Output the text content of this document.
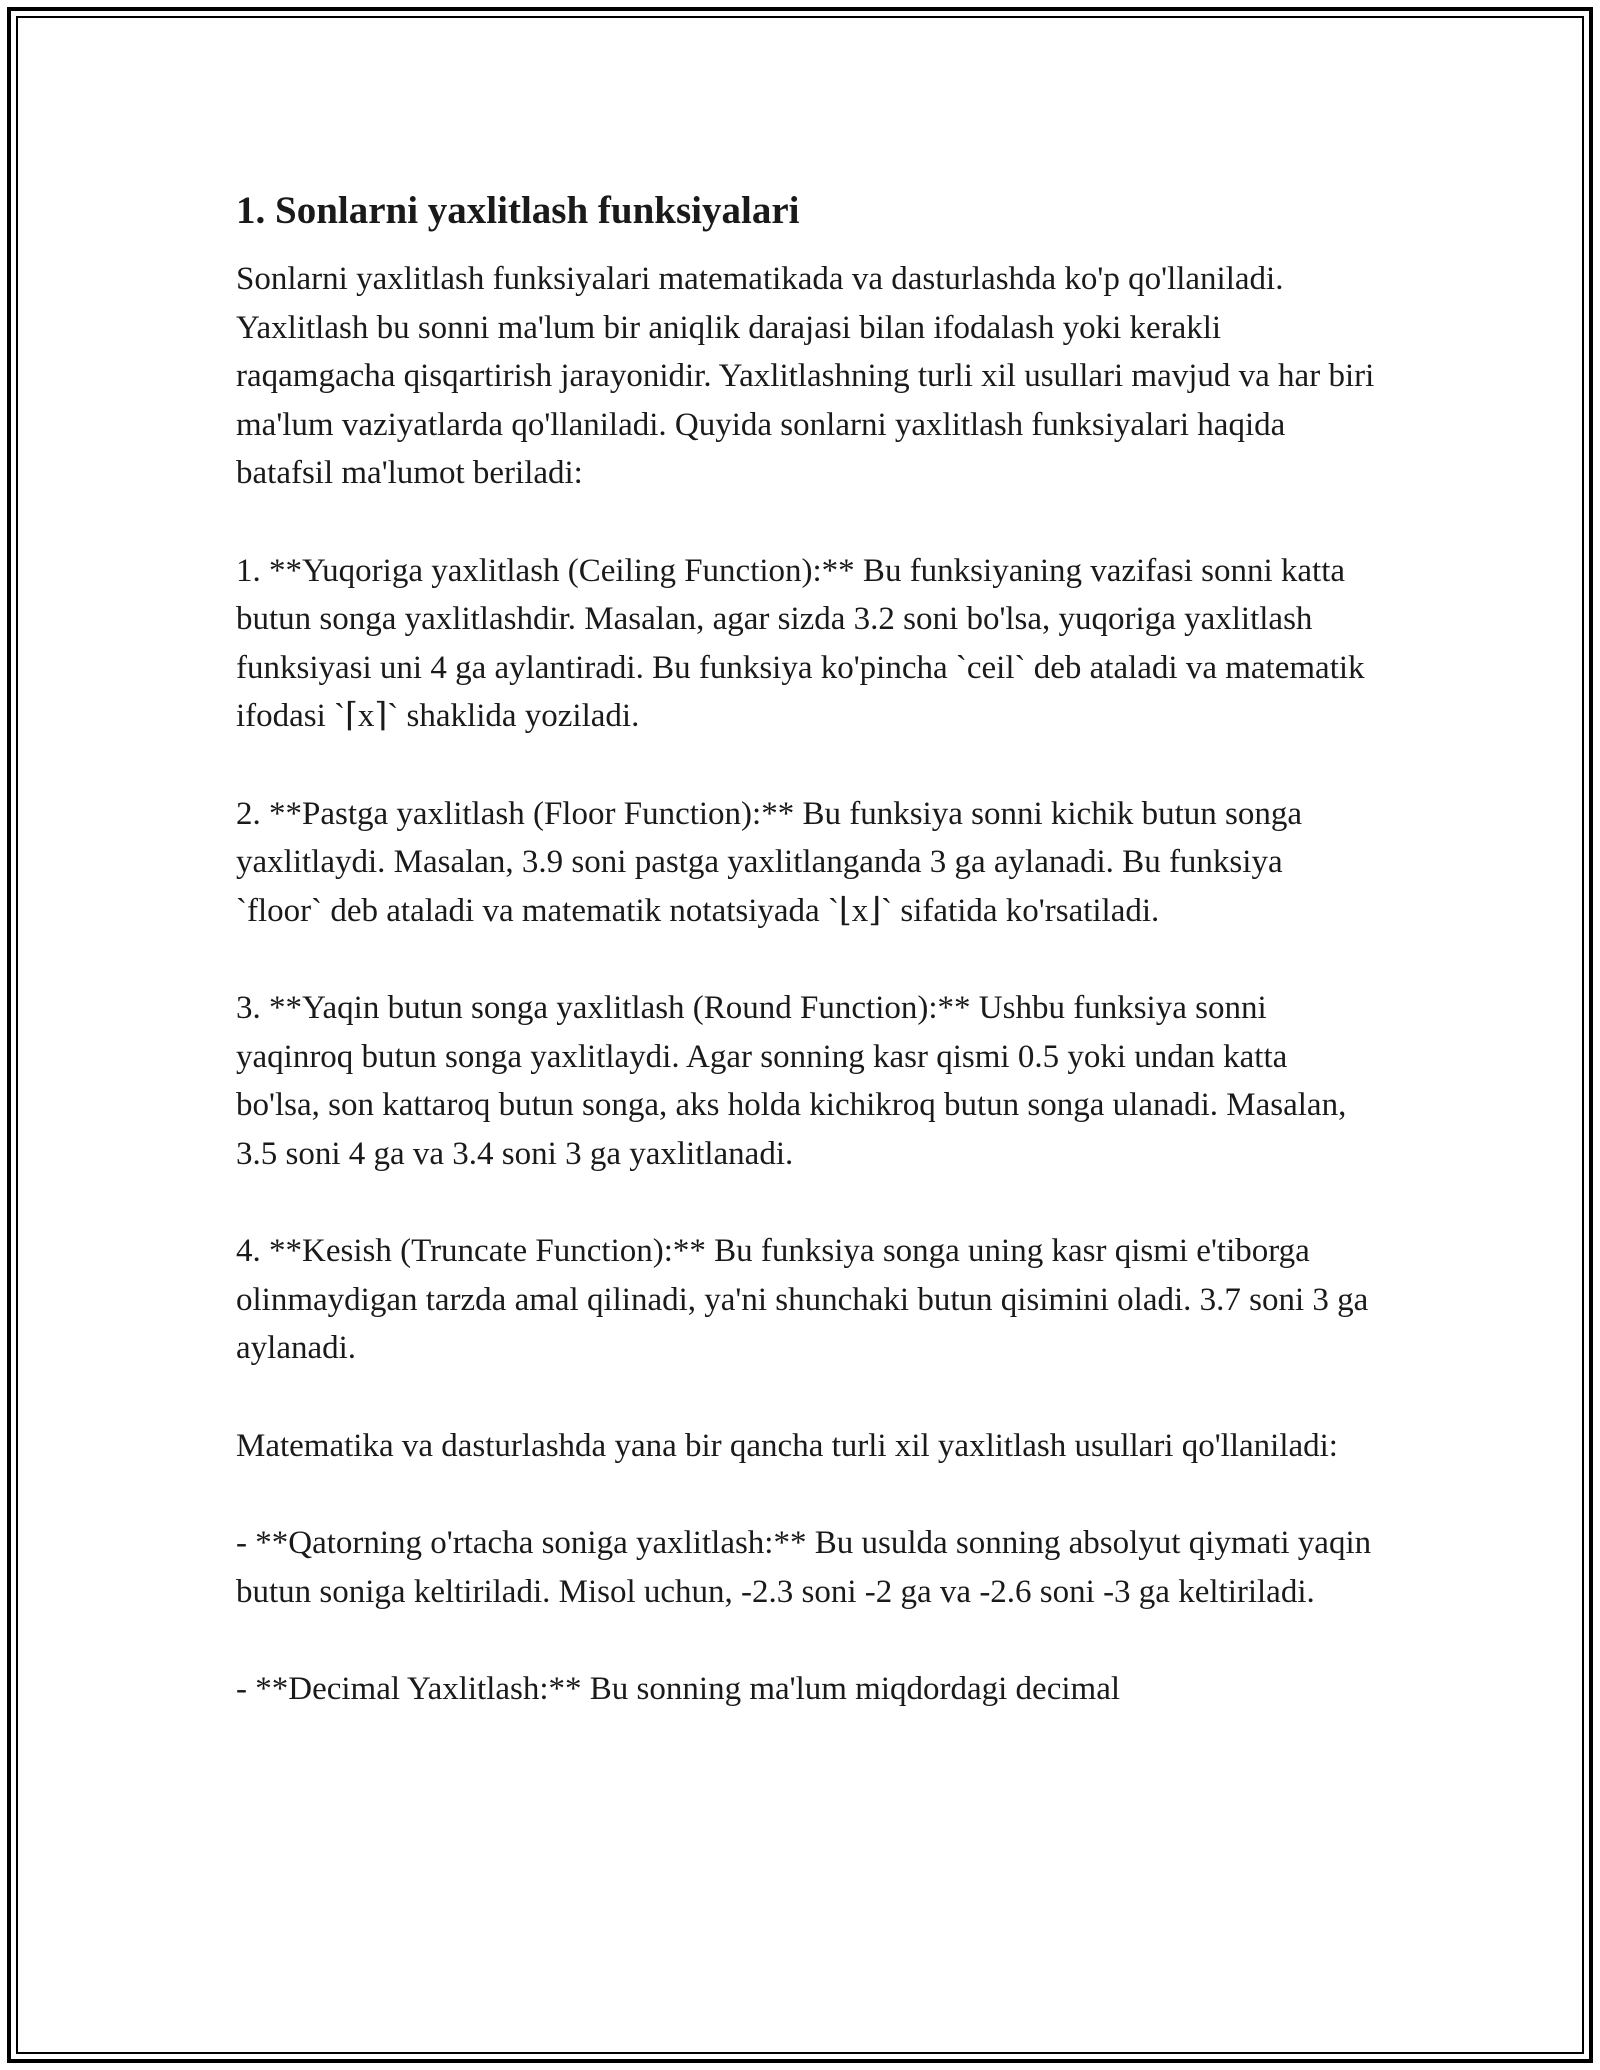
1. Sonlarni yaxlitlash funksiyalari

Sonlarni yaxlitlash funksiyalari matematikada va dasturlashda ko'p qo'llaniladi. Yaxlitlash bu sonni ma'lum bir aniqlik darajasi bilan ifodalash yoki kerakli raqamgacha qisqartirish jarayonidir. Yaxlitlashning turli xil usullari mavjud va har biri ma'lum vaziyatlarda qo'llaniladi. Quyida sonlarni yaxlitlash funksiyalari haqida batafsil ma'lumot beriladi:

1. **Yuqoriga yaxlitlash (Ceiling Function):** Bu funksiyaning vazifasi sonni katta butun songa yaxlitlashdir. Masalan, agar sizda 3.2 soni bo'lsa, yuqoriga yaxlitlash funksiyasi uni 4 ga aylantiradi. Bu funksiya ko'pincha `ceil` deb ataladi va matematik ifodasi `⌈x⌉` shaklida yoziladi.

2. **Pastga yaxlitlash (Floor Function):** Bu funksiya sonni kichik butun songa yaxlitlaydi. Masalan, 3.9 soni pastga yaxlitlanganda 3 ga aylanadi. Bu funksiya `floor` deb ataladi va matematik notatsiyada `⌊x⌋` sifatida ko'rsatiladi.

3. **Yaqin butun songa yaxlitlash (Round Function):** Ushbu funksiya sonni yaqinroq butun songa yaxlitlaydi. Agar sonning kasr qismi 0.5 yoki undan katta bo'lsa, son kattaroq butun songa, aks holda kichikroq butun songa ulanadi. Masalan, 3.5 soni 4 ga va 3.4 soni 3 ga yaxlitlanadi.

4. **Kesish (Truncate Function):** Bu funksiya songa uning kasr qismi e'tiborga olinmaydigan tarzda amal qilinadi, ya'ni shunchaki butun qisimini oladi. 3.7 soni 3 ga aylanadi.

Matematika va dasturlashda yana bir qancha turli xil yaxlitlash usullari qo'llaniladi:

- **Qatorning o'rtacha soniga yaxlitlash:** Bu usulda sonning absolyut qiymati yaqin butun soniga keltiriladi. Misol uchun, -2.3 soni -2 ga va -2.6 soni -3 ga keltiriladi.

- **Decimal Yaxlitlash:** Bu sonning ma'lum miqdordagi decimal
